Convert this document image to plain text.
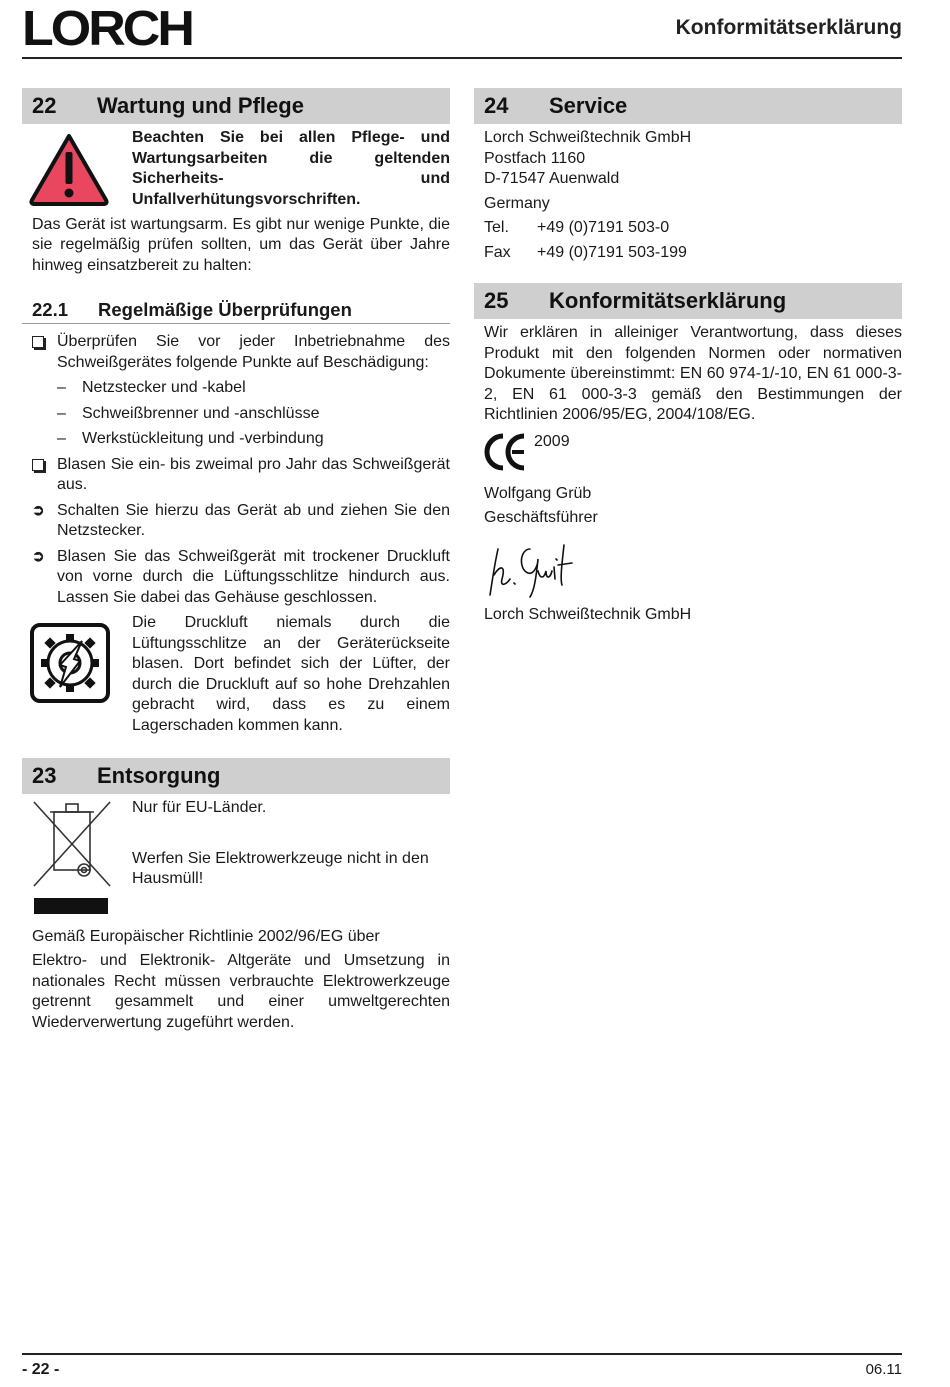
LORCH	Konformitätserklärung
22	Wartung und Pflege
Beachten Sie bei allen Pflege- und Wartungsarbeiten die geltenden Sicherheits- und Unfallverhütungsvorschriften.

Das Gerät ist wartungsarm. Es gibt nur wenige Punkte, die sie regelmäßig prüfen sollten, um das Gerät über Jahre hinweg einsatzbereit zu halten:

22.1	Regelmäßige Überprüfungen
Überprüfen Sie vor jeder Inbetriebnahme des Schweißgerätes folgende Punkte auf Beschädigung:
–	Netzstecker und -kabel
–	Schweißbrenner und -anschlüsse
–	Werkstückleitung und -verbindung
Blasen Sie ein- bis zweimal pro Jahr das Schweißgerät aus.
➲ Schalten Sie hierzu das Gerät ab und ziehen Sie den Netzstecker.
➲ Blasen Sie das Schweißgerät mit trockener Druckluft von vorne durch die Lüftungsschlitze hindurch aus. Lassen Sie dabei das Gehäuse geschlossen.

Die Druckluft niemals durch die Lüftungsschlitze an der Geräterückseite blasen. Dort befindet sich der Lüfter, der durch die Druckluft auf so hohe Drehzahlen gebracht wird, dass es zu einem Lagerschaden kommen kann.

23	Entsorgung
Nur für EU-Länder.
Werfen Sie Elektrowerkzeuge nicht in den Hausmüll!

Gemäß Europäischer Richtlinie 2002/96/EG über

Elektro- und Elektronik- Altgeräte und Umsetzung in nationales Recht müssen verbrauchte Elektrowerkzeuge getrennt gesammelt und einer umweltgerechten Wiederverwertung zugeführt werden.

24	Service
Lorch Schweißtechnik GmbH
Postfach 1160
D-71547 Auenwald
Germany
Tel.	+49 (0)7191 503-0
Fax	+49 (0)7191 503-199
25	Konformitätserklärung

Wir erklären in alleiniger Verantwortung, dass dieses Produkt mit den folgenden Normen oder normativen Dokumente übereinstimmt: EN 60 974-1/-10, EN 61 000-3-2, EN 61 000-3-3 gemäß den Bestimmungen der Richtlinien 2006/95/EG, 2004/108/EG.

2009
Wolfgang Grüb
Geschäftsführer
Lorch Schweißtechnik GmbH
- 22 -	06.11
